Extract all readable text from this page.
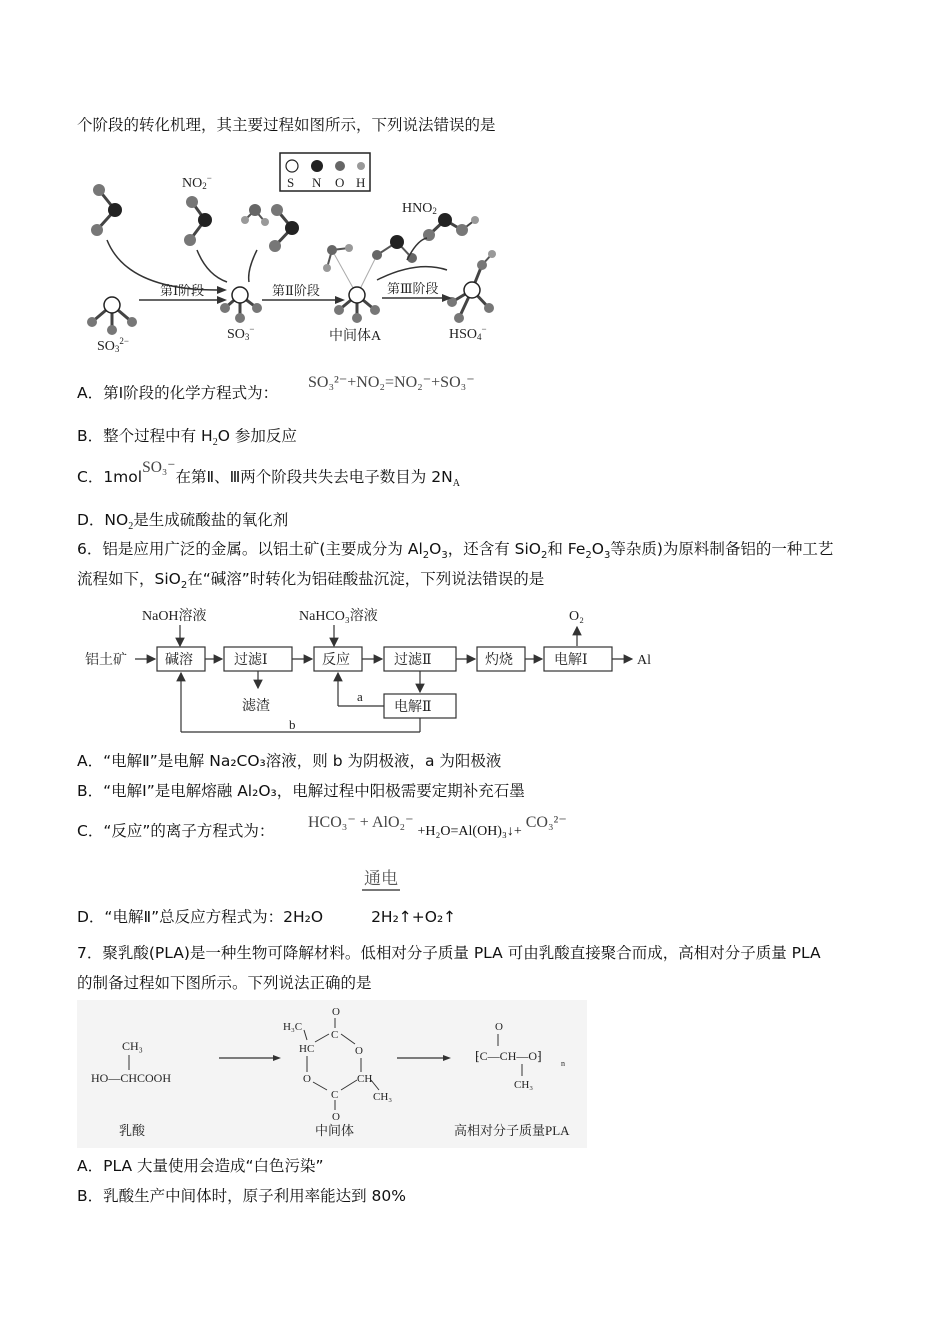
个阶段的转化机理，其主要过程如图所示，下列说法错误的是
S N O H
NO2−
$SO3^{2-}$	SO3−	中间体A
HNO2
HSO4−
第Ⅰ阶段	第Ⅱ阶段	第Ⅲ阶段
A．第Ⅰ阶段的化学方程式为：
SO₃²⁻+NO₂=NO₂⁻+SO₃⁻
B．整个过程中有 $H_2O$ 参加反应
C．1molSO₃⁻在第Ⅱ、Ⅲ两个阶段共失去电子数目为 $2N_A$
D．$NO_2$是生成硫酸盐的氧化剂
6．铝是应用广泛的金属。以铝土矿(主要成分为 $Al_2O_3$，还含有 SiO$_2$和 $Fe_2O_3$等杂质)为原料制备铝的一种工艺
流程如下，SiO$_2$在“碱溶”时转化为铝硅酸盐沉淀，下列说法错误的是
NaOH溶液	NaHCO₃溶液	O₂
铝土矿	碱溶	过滤Ⅰ
滤渣
反应	过滤Ⅱ	灼烧	电解Ⅰ	Al
电解Ⅱ
a
b
A．“电解Ⅱ”是电解 Na₂CO₃溶液，则 b 为阴极液，a 为阳极液
B．“电解Ⅰ”是电解熔融 Al₂O₃，电解过程中阳极需要定期补充石墨
C．“反应”的离子方程式为： HCO₃⁻ + AlO₂⁻ +H₂O=Al(OH)₃↓+ CO₃²⁻
通电
D．“电解Ⅱ”总反应方程式为：2H₂O	2H₂↑+O₂↑
7．聚乳酸(PLA)是一种生物可降解材料。低相对分子质量 PLA 可由乳酸直接聚合而成，高相对分子质量 PLA
的制备过程如下图所示。下列说法正确的是
CH₃
HO—CHCOOH
乳酸
O
C
H₃C
HC	O
O	CH
CH₃
C
O
中间体
O
⁅C—CH—O⁆
n
CH₃
高相对分子质量PLA
A．PLA 大量使用会造成“白色污染”
B．乳酸生产中间体时，原子利用率能达到 80%
